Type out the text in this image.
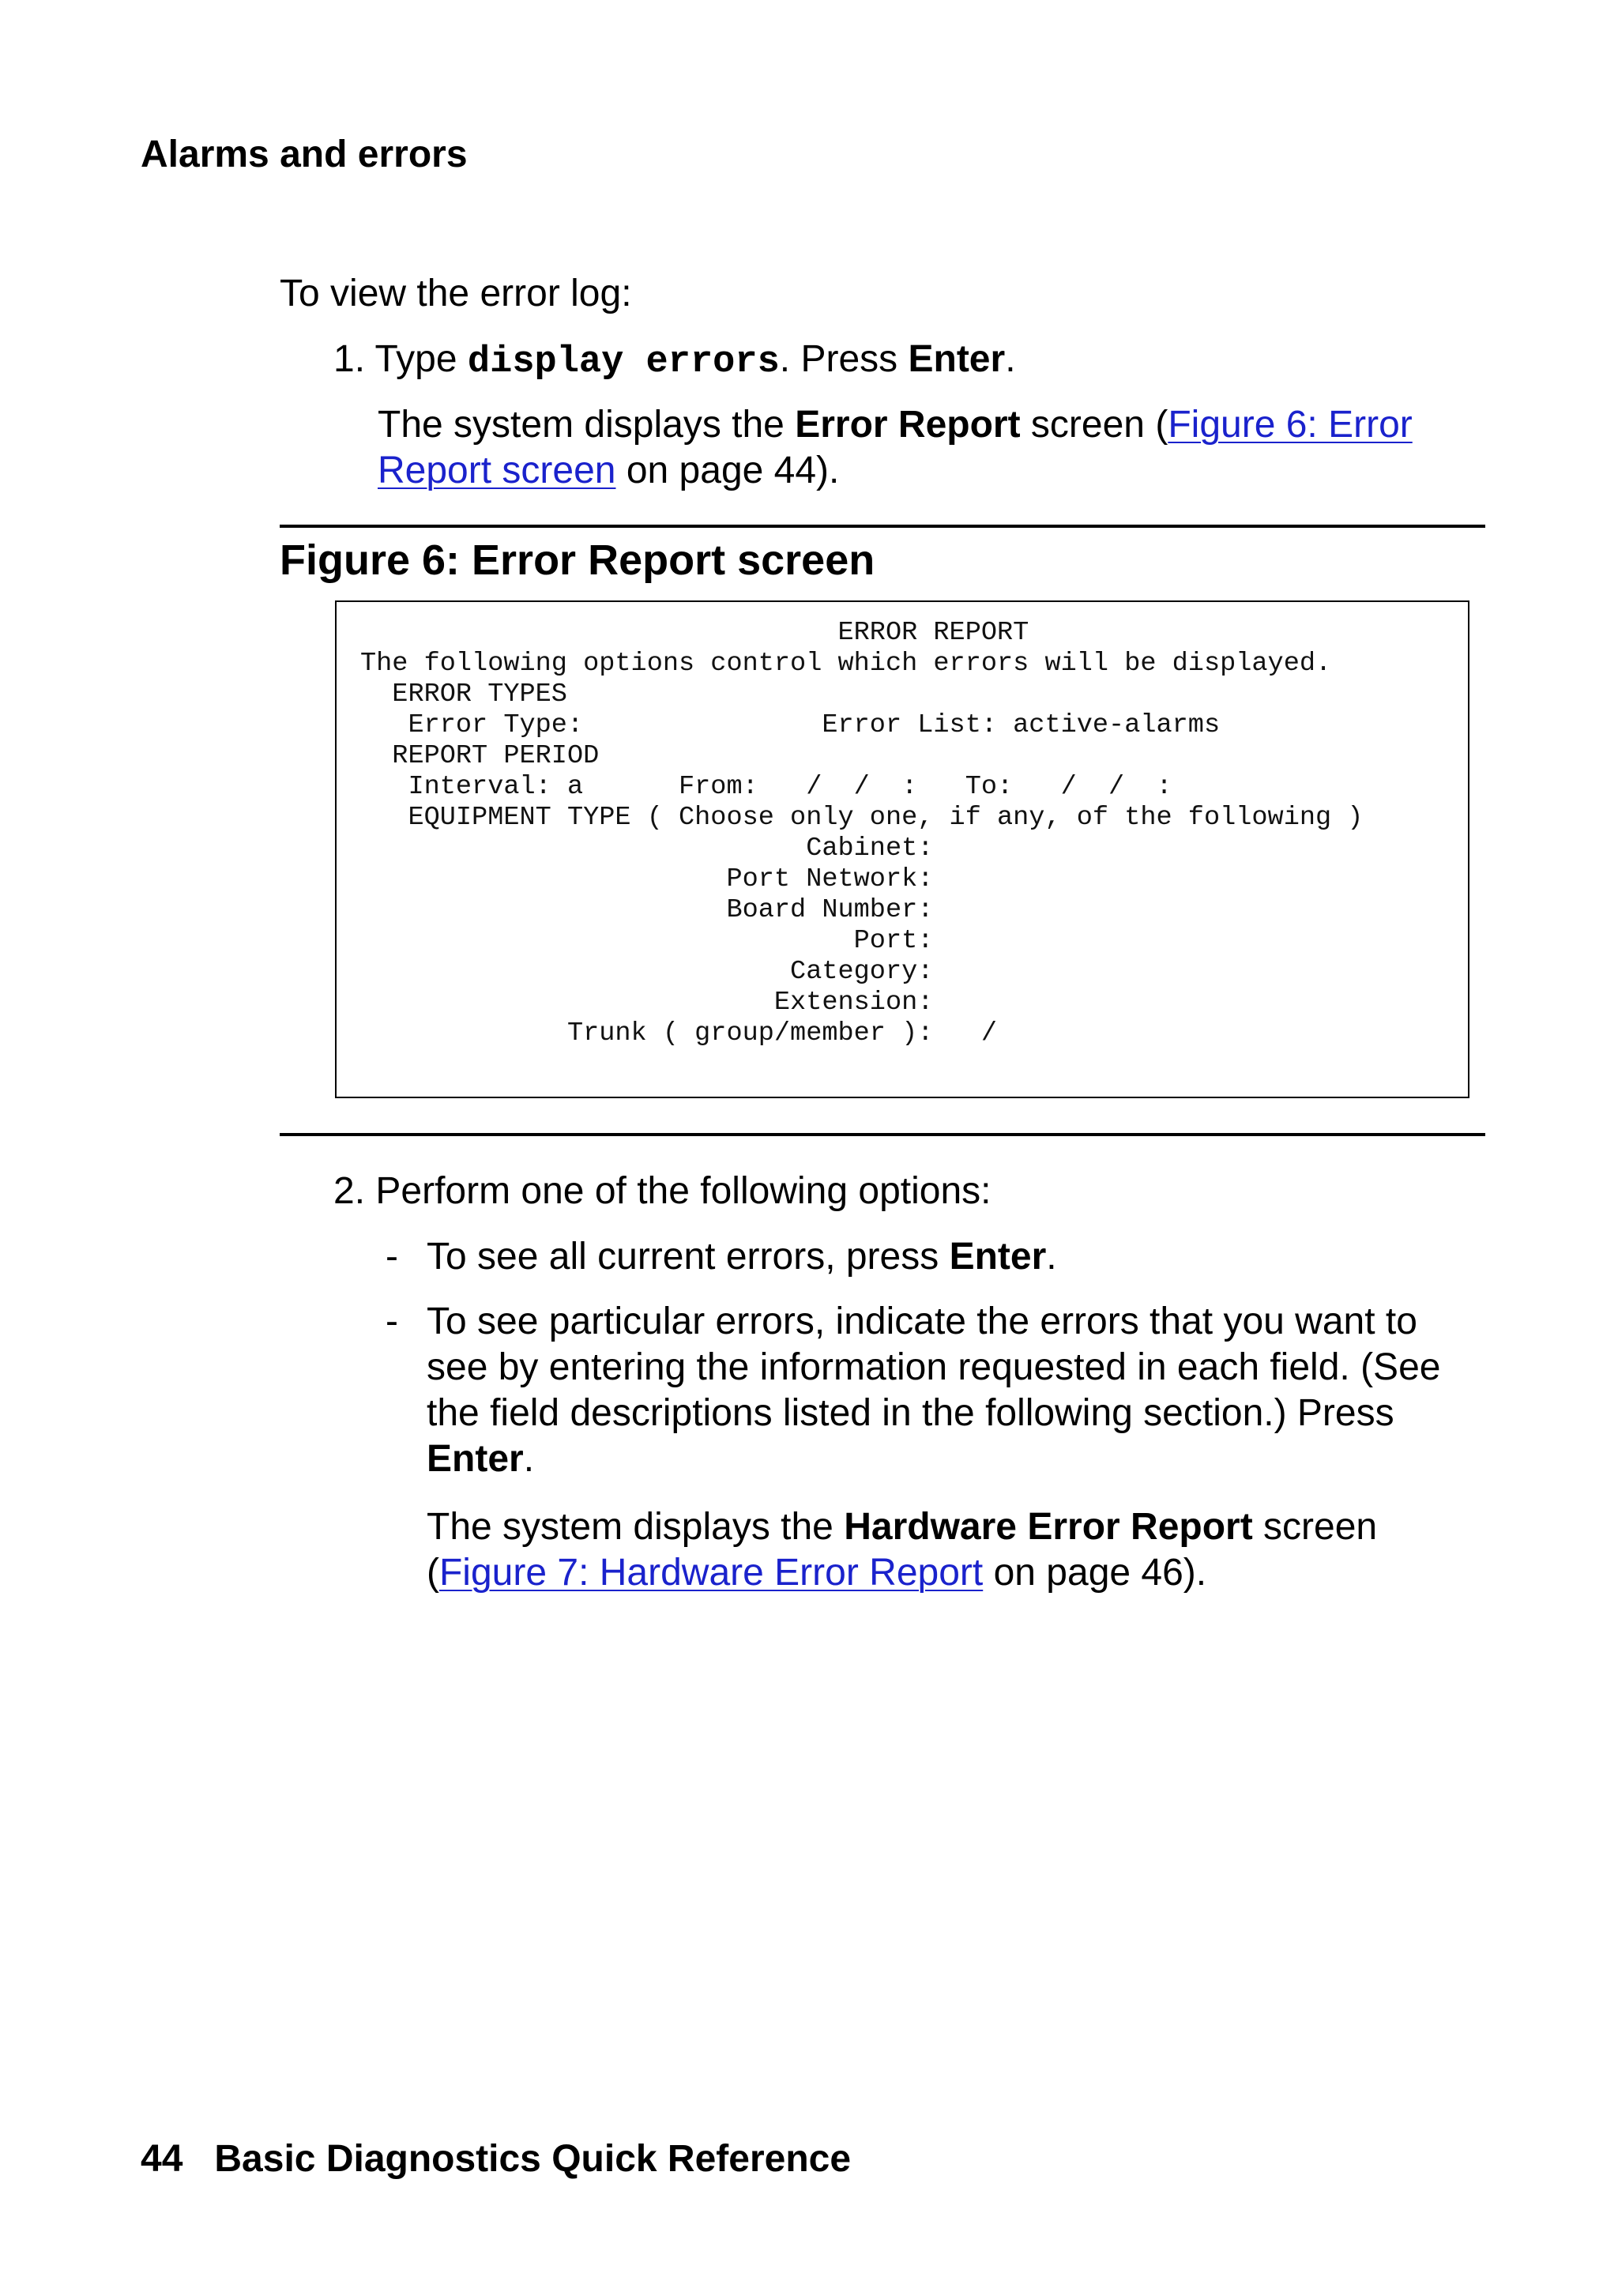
Alarms and errors
To view the error log:
1. Type display errors. Press Enter.
The system displays the Error Report screen (Figure 6: Error
Report screen on page 44).
Figure 6: Error Report screen
ERROR REPORT
The following options control which errors will be displayed.
ERROR TYPES
Error Type:               Error List: active-alarms
REPORT PERIOD
Interval: a      From:   /  /  :   To:   /  /  :
EQUIPMENT TYPE ( Choose only one, if any, of the following )
Cabinet:
Port Network:
Board Number:
Port:
Category:
Extension:
Trunk ( group/member ):   /
2. Perform one of the following options:
- To see all current errors, press Enter.
- To see particular errors, indicate the errors that you want to
see by entering the information requested in each field. (See
the field descriptions listed in the following section.) Press
Enter.
The system displays the Hardware Error Report screen
(Figure 7: Hardware Error Report on page 46).
44 Basic Diagnostics Quick Reference
